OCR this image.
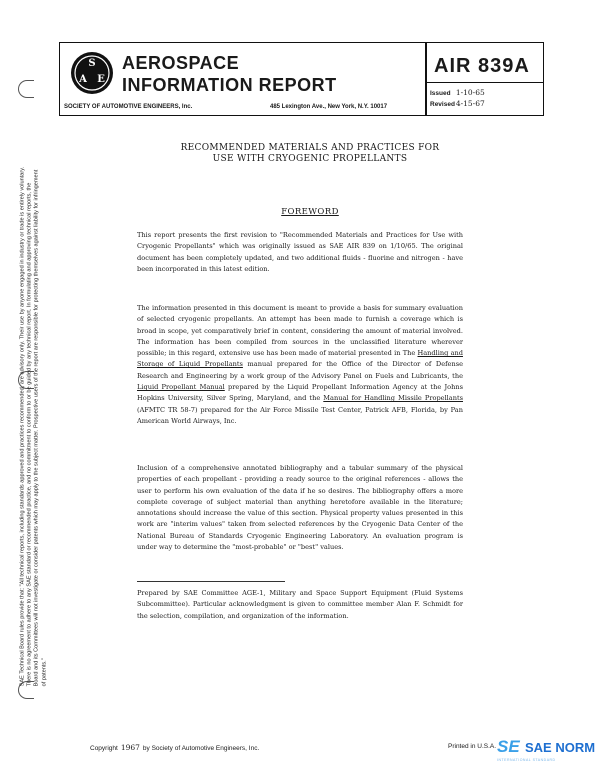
SAE Technical Board rules provide that: "All technical reports, including standards approved and practices recommended, are advisory only. Their use by anyone engaged in industry or trade is entirely voluntary. There is no agreement to adhere to any SAE standard or recommended practice, and no commitment to conform to or be guided by any technical report. In formulating and approving technical reports, the Board and its Committees will not investigate or consider patents which may apply to the subject matter. Prospective users of the report are responsible for protecting themselves against liability for infringement of patents."
S
A E
AEROSPACE
INFORMATION REPORT
SOCIETY OF AUTOMOTIVE ENGINEERS, Inc.	485 Lexington Ave., New York, N.Y. 10017
AIR 839A
Issued 1-10-65
Revised 4-15-67
RECOMMENDED MATERIALS AND PRACTICES FOR
USE WITH CRYOGENIC PROPELLANTS
FOREWORD
This report presents the first revision to "Recommended Materials and Practices for Use with Cryogenic Propellants" which was originally issued as SAE AIR 839 on 1/10/65. The original document has been completely updated, and two additional fluids - fluorine and nitrogen - have been incorporated in this latest edition.
The information presented in this document is meant to provide a basis for summary evaluation of selected cryogenic propellants. An attempt has been made to furnish a coverage which is broad in scope, yet comparatively brief in content, considering the amount of material involved. The information has been compiled from sources in the unclassified literature wherever possible; in this regard, extensive use has been made of material presented in The Handling and Storage of Liquid Propellants manual prepared for the Office of the Director of Defense Research and Engineering by a work group of the Advisory Panel on Fuels and Lubricants, the Liquid Propellant Manual prepared by the Liquid Propellant Information Agency at the Johns Hopkins University, Silver Spring, Maryland, and the Manual for Handling Missile Propellants (AFMTC TR 58-7) prepared for the Air Force Missile Test Center, Patrick AFB, Florida, by Pan American World Airways, Inc.
Inclusion of a comprehensive annotated bibliography and a tabular summary of the physical properties of each propellant - providing a ready source to the original references - allows the user to perform his own evaluation of the data if he so desires. The bibliography offers a more complete coverage of subject material than anything heretofore available in the literature; annotations should increase the value of this section. Physical property values presented in this work are "interim values" taken from selected references by the Cryogenic Data Center of the National Bureau of Standards Cryogenic Engineering Laboratory. An evaluation program is under way to determine the "most-probable" or "best" values.
Prepared by SAE Committee AGE-1, Military and Space Support Equipment (Fluid Systems Subcommittee). Particular acknowledgment is given to committee member Alan F. Schmidt for the selection, compilation, and organization of the information.
Copyright 1967 by Society of Automotive Engineers, Inc.	Printed in U.S.A. SE SAE NORM
INTERNATIONAL STANDARD
